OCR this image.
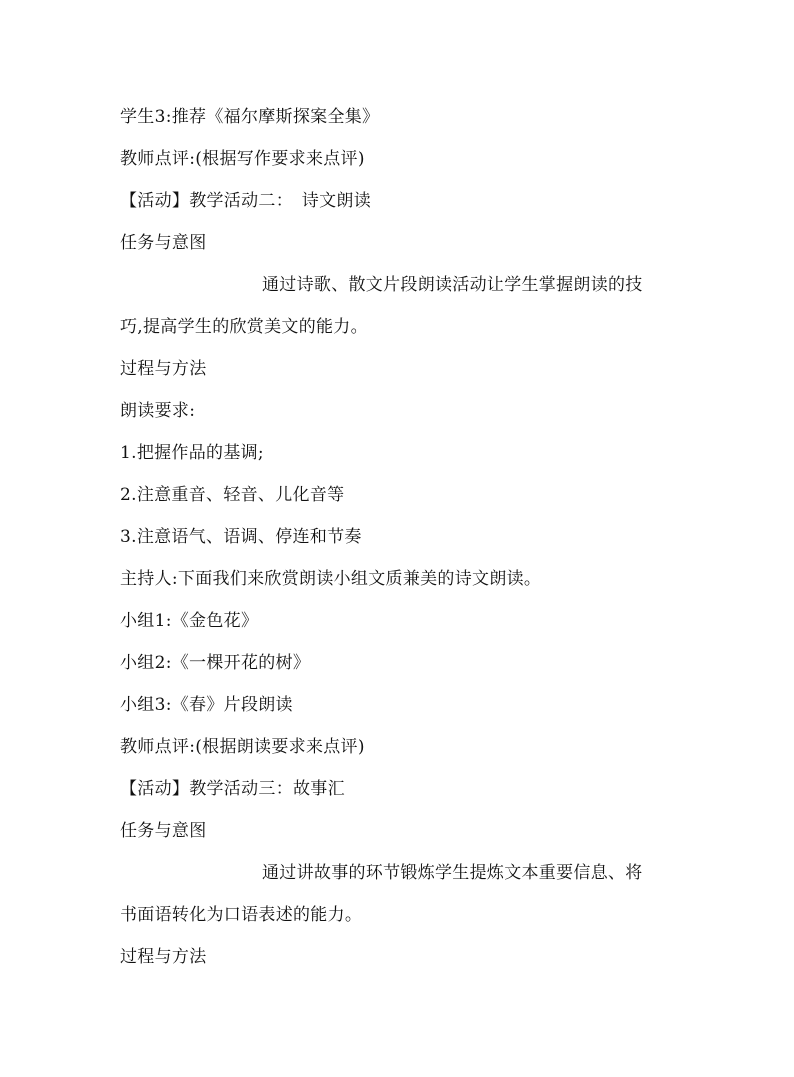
学生3:推荐《福尔摩斯探案全集》
教师点评:(根据写作要求来点评)
【活动】教学活动二：　诗文朗读
任务与意图
通过诗歌、散文片段朗读活动让学生掌握朗读的技
巧,提高学生的欣赏美文的能力。
过程与方法
朗读要求:
1.把握作品的基调;
2.注意重音、轻音、儿化音等
3.注意语气、语调、停连和节奏
主持人:下面我们来欣赏朗读小组文质兼美的诗文朗读。
小组1:《金色花》
小组2:《一棵开花的树》
小组3:《春》片段朗读
教师点评:(根据朗读要求来点评)
【活动】教学活动三：故事汇
任务与意图
通过讲故事的环节锻炼学生提炼文本重要信息、将
书面语转化为口语表述的能力。
过程与方法
